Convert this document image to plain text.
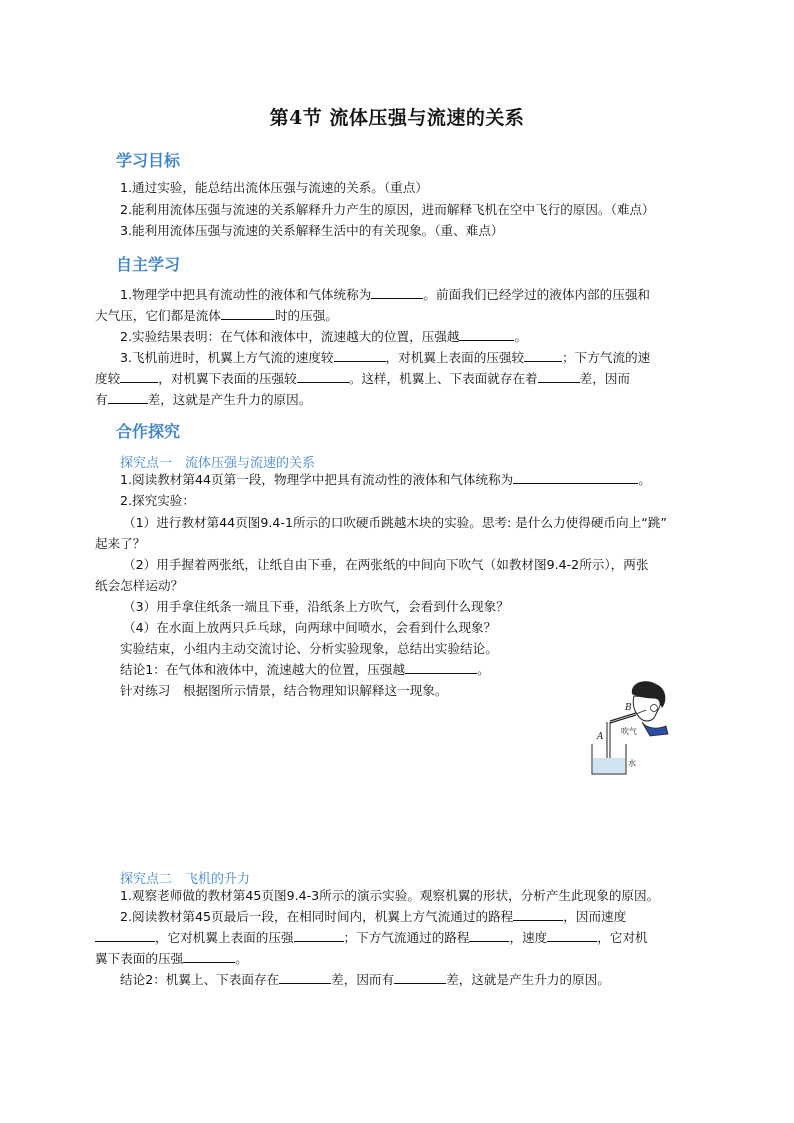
第4节 流体压强与流速的关系
学习目标
1.通过实验，能总结出流体压强与流速的关系。（重点）
2.能利用流体压强与流速的关系解释升力产生的原因，进而解释飞机在空中飞行的原因。（难点）
3.能利用流体压强与流速的关系解释生活中的有关现象。（重、难点）
自主学习
1.物理学中把具有流动性的液体和气体统称为	。前面我们已经学过的液体内部的压强和
大气压，它们都是流体	时的压强。
2.实验结果表明：在气体和液体中，流速越大的位置，压强越	。
3.飞机前进时，机翼上方气流的速度较	，对机翼上表面的压强较	；下方气流的速
度较	，对机翼下表面的压强较	。这样，机翼上、下表面就存在着	差，因而
有	差，这就是产生升力的原因。
合作探究
探究点一　流体压强与流速的关系
1.阅读教材第44页第一段，物理学中把具有流动性的液体和气体统称为	。
2.探究实验：
（1）进行教材第44页图9.4-1所示的口吹硬币跳越木块的实验。思考: 是什么力使得硬币向上“跳”
起来了？
（2）用手握着两张纸，让纸自由下垂，在两张纸的中间向下吹气（如教材图9.4-2所示），两张
纸会怎样运动？
（3）用手拿住纸条一端且下垂，沿纸条上方吹气，会看到什么现象？
（4）在水面上放两只乒乓球，向两球中间喷水，会看到什么现象？
实验结束，小组内主动交流讨论、分析实验现象，总结出实验结论。
结论1：在气体和液体中，流速越大的位置，压强越	。
针对练习　根据图所示情景，结合物理知识解释这一现象。
B
A
吹气
水
探究点二　飞机的升力
1.观察老师做的教材第45页图9.4-3所示的演示实验。观察机翼的形状，分析产生此现象的原因。
2.阅读教材第45页最后一段，在相同时间内，机翼上方气流通过的路程	，因而速度
，它对机翼上表面的压强	；下方气流通过的路程	，速度	，它对机
翼下表面的压强	。
结论2：机翼上、下表面存在	差，因而有	差，这就是产生升力的原因。
